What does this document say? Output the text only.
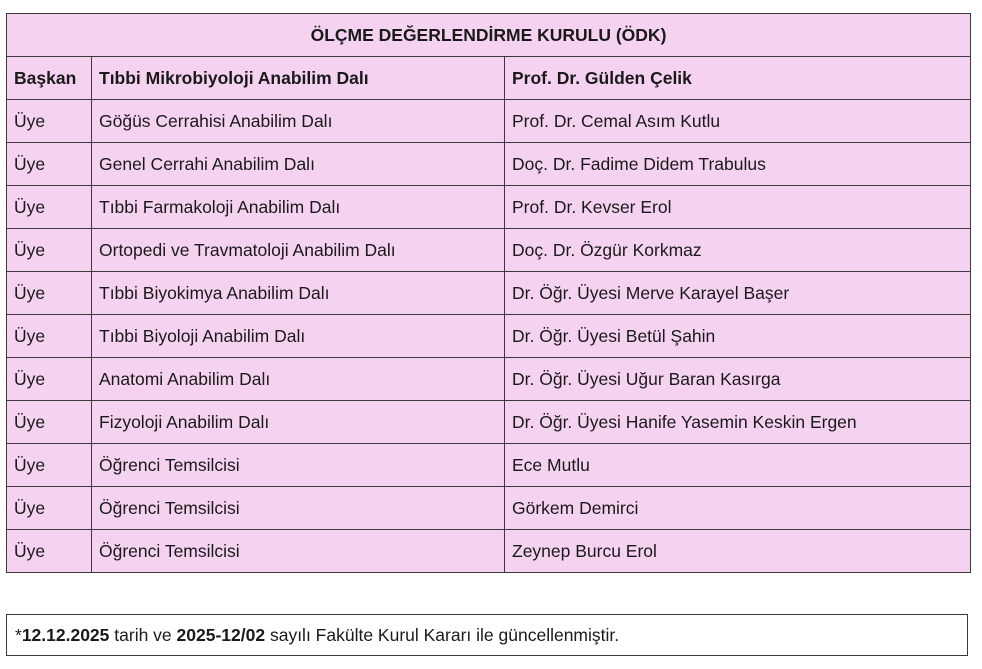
ÖLÇME DEĞERLENDİRME KURULU (ÖDK)		
Başkan	Tıbbi Mikrobiyoloji Anabilim Dalı	Prof. Dr. Gülden Çelik
Üye	Göğüs Cerrahisi Anabilim Dalı	Prof. Dr. Cemal Asım Kutlu
Üye	Genel Cerrahi Anabilim Dalı	Doç. Dr. Fadime Didem Trabulus
Üye	Tıbbi Farmakoloji Anabilim Dalı	Prof. Dr. Kevser Erol
Üye	Ortopedi ve Travmatoloji Anabilim Dalı	Doç. Dr. Özgür Korkmaz
Üye	Tıbbi Biyokimya Anabilim Dalı	Dr. Öğr. Üyesi Merve Karayel Başer
Üye	Tıbbi Biyoloji Anabilim Dalı	Dr. Öğr. Üyesi Betül Şahin
Üye	Anatomi Anabilim Dalı	Dr. Öğr. Üyesi Uğur Baran Kasırga
Üye	Fizyoloji Anabilim Dalı	Dr. Öğr. Üyesi Hanife Yasemin Keskin Ergen
Üye	Öğrenci Temsilcisi	Ece Mutlu
Üye	Öğrenci Temsilcisi	Görkem Demirci
Üye	Öğrenci Temsilcisi	Zeynep Burcu Erol
* 12.12.2025 tarih ve 2025-12/02 sayılı Fakülte Kurul Kararı ile güncellenmiştir.
